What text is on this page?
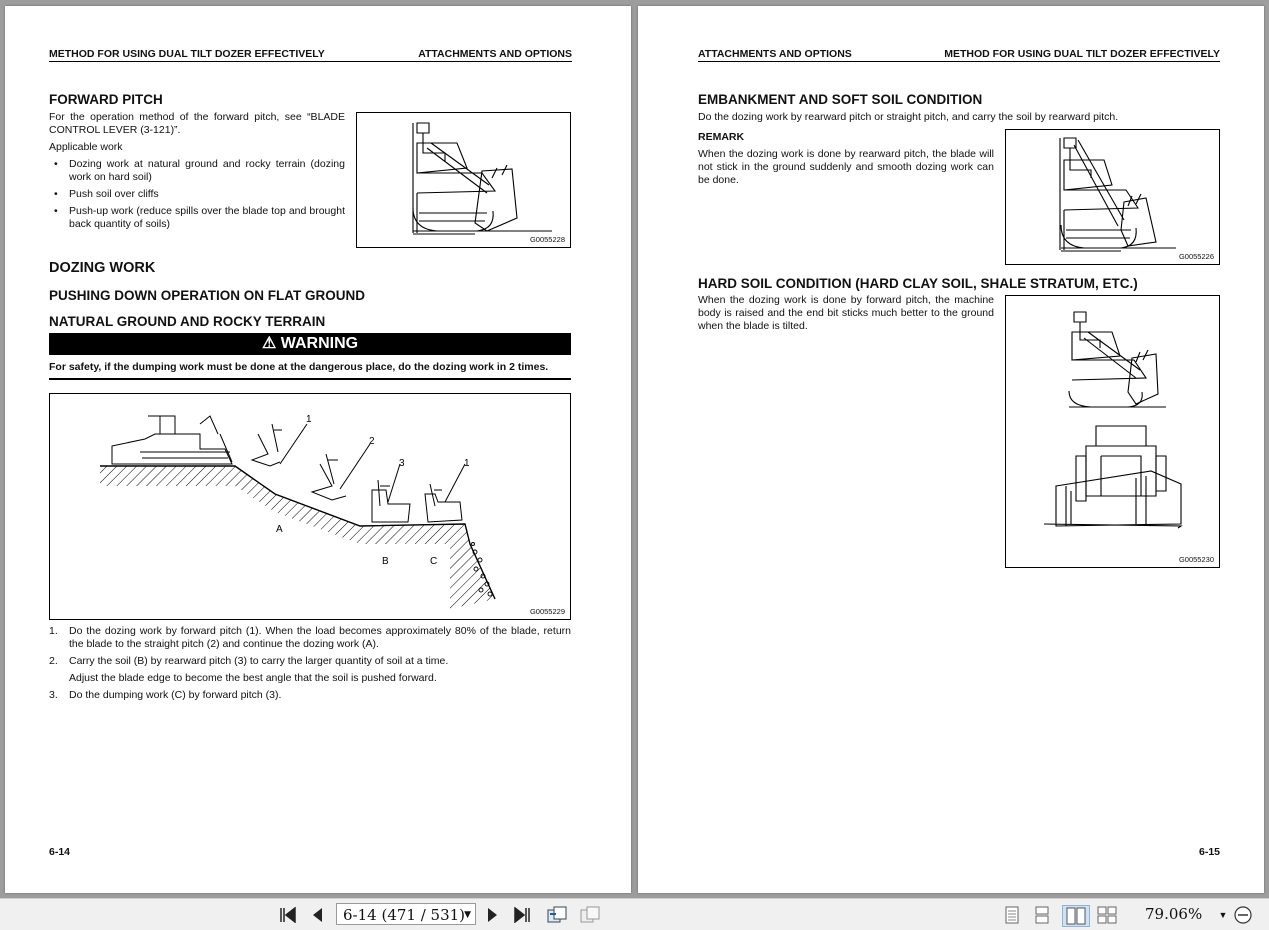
METHOD FOR USING DUAL TILT DOZER EFFECTIVELY	ATTACHMENTS AND OPTIONS
FORWARD PITCH
For the operation method of the forward pitch, see “BLADE CONTROL LEVER (3-121)”.
Applicable work
• Dozing work at natural ground and rocky terrain (dozing work on hard soil)
• Push soil over cliffs
• Push-up work (reduce spills over the blade top and brought back quantity of soils)
G0055228
DOZING WORK
PUSHING DOWN OPERATION ON FLAT GROUND
NATURAL GROUND AND ROCKY TERRAIN
⚠ WARNING
For safety, if the dumping work must be done at the dangerous place, do the dozing work in 2 times.
1
2
3	1
A
B	C
G0055229
1. Do the dozing work by forward pitch (1). When the load becomes approximately 80% of the blade, return the blade to the straight pitch (2) and continue the dozing work (A).
2. Carry the soil (B) by rearward pitch (3) to carry the larger quantity of soil at a time.
Adjust the blade edge to become the best angle that the soil is pushed forward.
3. Do the dumping work (C) by forward pitch (3).
6-14
ATTACHMENTS AND OPTIONS	METHOD FOR USING DUAL TILT DOZER EFFECTIVELY
EMBANKMENT AND SOFT SOIL CONDITION
Do the dozing work by rearward pitch or straight pitch, and carry the soil by rearward pitch.
REMARK
When the dozing work is done by rearward pitch, the blade will not stick in the ground suddenly and smooth dozing work can be done.
G0055226
HARD SOIL CONDITION (HARD CLAY SOIL, SHALE STRATUM, ETC.)
When the dozing work is done by forward pitch, the machine body is raised and the end bit sticks much better to the ground when the blade is tilted.
G0055230
6-15
6-14 (471 / 531) ▼	79.06% ▼
